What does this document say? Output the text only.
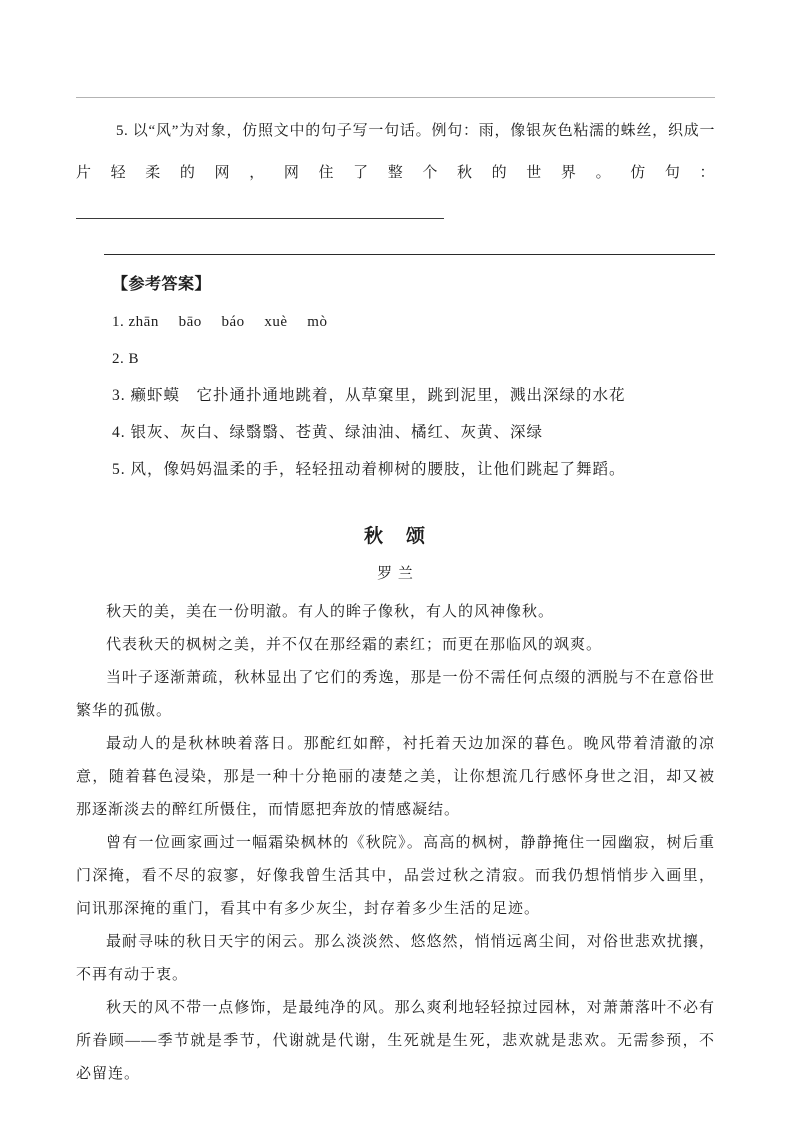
5. 以“风”为对象，仿照文中的句子写一句话。例句：雨，像银灰色粘濡的蛛丝，织成一片轻柔的网，网住了整个秋的世界。仿句：

【参考答案】

1. zhān　 bāo　 báo　 xuè　 mò

2. B

3. 癞虾蟆　它扑通扑通地跳着，从草窠里，跳到泥里，溅出深绿的水花

4. 银灰、灰白、绿翳翳、苍黄、绿油油、橘红、灰黄、深绿

5. 风，像妈妈温柔的手，轻轻扭动着柳树的腰肢，让他们跳起了舞蹈。

秋　颂

罗 兰

秋天的美，美在一份明澈。有人的眸子像秋，有人的风神像秋。

代表秋天的枫树之美，并不仅在那经霜的素红；而更在那临风的飒爽。

当叶子逐渐萧疏，秋林显出了它们的秀逸，那是一份不需任何点缀的洒脱与不在意俗世繁华的孤傲。

最动人的是秋林映着落日。那酡红如醉，衬托着天边加深的暮色。晚风带着清澈的凉意，随着暮色浸染，那是一种十分艳丽的凄楚之美，让你想流几行感怀身世之泪，却又被那逐渐淡去的醉红所慑住，而情愿把奔放的情感凝结。

曾有一位画家画过一幅霜染枫林的《秋院》。高高的枫树，静静掩住一园幽寂，树后重门深掩，看不尽的寂寥，好像我曾生活其中，品尝过秋之清寂。而我仍想悄悄步入画里，问讯那深掩的重门，看其中有多少灰尘，封存着多少生活的足迹。

最耐寻味的秋日天宇的闲云。那么淡淡然、悠悠然，悄悄远离尘间，对俗世悲欢扰攘，不再有动于衷。

秋天的风不带一点修饰，是最纯净的风。那么爽利地轻轻掠过园林，对萧萧落叶不必有所眷顾——季节就是季节，代谢就是代谢，生死就是生死，悲欢就是悲欢。无需参预，不必留连。
